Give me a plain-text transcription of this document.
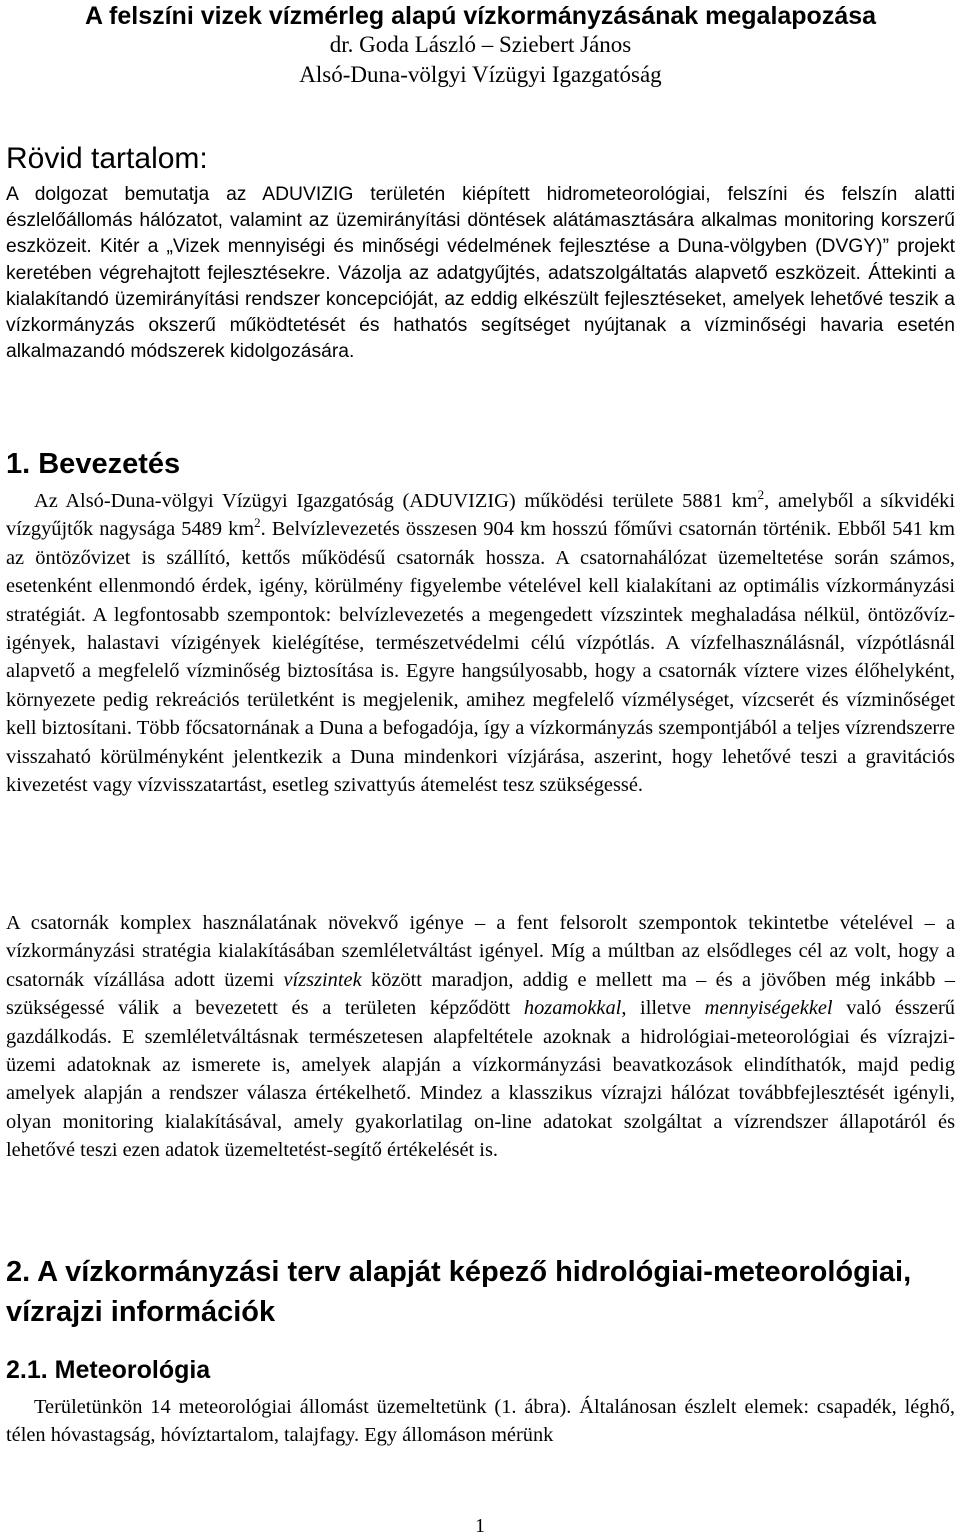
A felszíni vizek vízmérleg alapú vízkormányzásának megalapozása

dr. Goda László – Sziebert János

Alsó-Duna-völgyi Vízügyi Igazgatóság

Rövid tartalom:

A dolgozat bemutatja az ADUVIZIG területén kiépített hidrometeorológiai, felszíni és felszín alatti észlelőállomás hálózatot, valamint az üzemirányítási döntések alátámasztására alkalmas monitoring korszerű eszközeit. Kitér a „Vizek mennyiségi és minőségi védelmének fejlesztése a Duna-völgyben (DVGY)” projekt keretében végrehajtott fejlesztésekre. Vázolja az adatgyűjtés, adatszolgáltatás alapvető eszközeit. Áttekinti a kialakítandó üzemirányítási rendszer koncepcióját, az eddig elkészült fejlesztéseket, amelyek lehetővé teszik a vízkormányzás okszerű működtetését és hathatós segítséget nyújtanak a vízminőségi havaria esetén alkalmazandó módszerek kidolgozására.

1. Bevezetés

Az Alsó-Duna-völgyi Vízügyi Igazgatóság (ADUVIZIG) működési területe 5881 $km^2$, amelyből a síkvidéki vízgyűjtők nagysága 5489 $km^2$. Belvízlevezetés összesen 904 km hosszú főművi csatornán történik. Ebből 541 km az öntözővizet is szállító, kettős működésű csatornák hossza. A csatornahálózat üzemeltetése során számos, esetenként ellenmondó érdek, igény, körülmény figyelembe vételével kell kialakítani az optimális vízkormányzási stratégiát. A legfontosabb szempontok: belvízlevezetés a megengedett vízszintek meghaladása nélkül, öntözővíz-igények, halastavi vízigények kielégítése, természetvédelmi célú vízpótlás. A vízfelhasználásnál, vízpótlásnál alapvető a megfelelő vízminőség biztosítása is. Egyre hangsúlyosabb, hogy a csatornák víztere vizes élőhelyként, környezete pedig rekreációs területként is megjelenik, amihez megfelelő vízmélységet, vízcserét és vízminőséget kell biztosítani. Több főcsatornának a Duna a befogadója, így a vízkormányzás szempontjából a teljes vízrendszerre visszaható körülményként jelentkezik a Duna mindenkori vízjárása, aszerint, hogy lehetővé teszi a gravitációs kivezetést vagy vízvisszatartást, esetleg szivattyús átemelést tesz szükségessé.

A csatornák komplex használatának növekvő igénye – a fent felsorolt szempontok tekintetbe vételével – a vízkormányzási stratégia kialakításában szemléletváltást igényel. Míg a múltban az elsődleges cél az volt, hogy a csatornák vízállása adott üzemi vízszintek között maradjon, addig e mellett ma – és a jövőben még inkább – szükségessé válik a bevezetett és a területen képződött hozamokkal, illetve mennyiségekkel való ésszerű gazdálkodás. E szemléletváltásnak természetesen alapfeltétele azoknak a hidrológiai-meteorológiai és vízrajzi-üzemi adatoknak az ismerete is, amelyek alapján a vízkormányzási beavatkozások elindíthatók, majd pedig amelyek alapján a rendszer válasza értékelhető. Mindez a klasszikus vízrajzi hálózat továbbfejlesztését igényli, olyan monitoring kialakításával, amely gyakorlatilag on-line adatokat szolgáltat a vízrendszer állapotáról és lehetővé teszi ezen adatok üzemeltetést-segítő értékelését is.

2. A vízkormányzási terv alapját képező hidrológiai-meteorológiai, vízrajzi információk
2.1. Meteorológia

Területünkön 14 meteorológiai állomást üzemeltetünk (1. ábra). Általánosan észlelt elemek: csapadék, léghő, télen hóvastagság, hóvíztartalom, talajfagy. Egy állomáson mérünk

1
